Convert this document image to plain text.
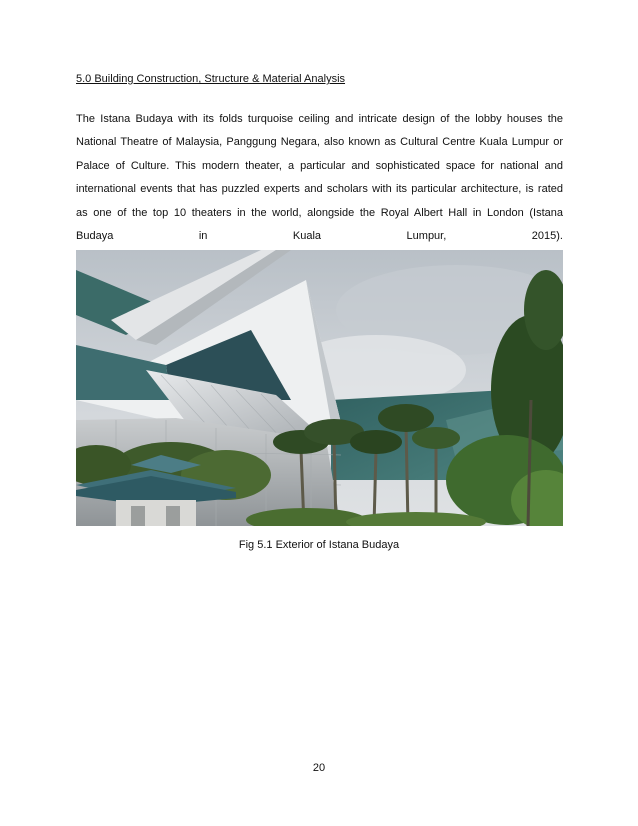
5.0 Building Construction, Structure & Material Analysis
The Istana Budaya with its folds turquoise ceiling and intricate design of the lobby houses the
National Theatre of Malaysia, Panggung Negara, also known as Cultural Centre Kuala Lumpur or
Palace of Culture. This modern theater, a particular and sophisticated space for national and
international events that has puzzled experts and scholars with its particular architecture, is rated
as one of the top 10 theaters in the world, alongside the Royal Albert Hall in London (Istana
Budaya in Kuala Lumpur, 2015).
Fig 5.1 Exterior of Istana Budaya
20
